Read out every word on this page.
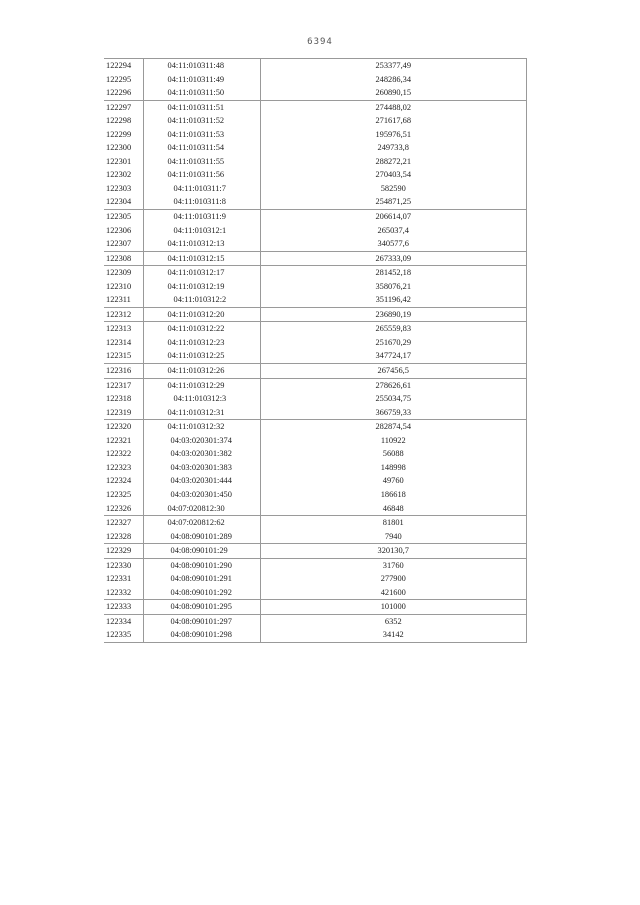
6394
122294	04:11:010311:48	253377,49
122295	04:11:010311:49	248286,34
122296	04:11:010311:50	260890,15
122297	04:11:010311:51	274488,02
122298	04:11:010311:52	271617,68
122299	04:11:010311:53	195976,51
122300	04:11:010311:54	249733,8
122301	04:11:010311:55	288272,21
122302	04:11:010311:56	270403,54
122303	04:11:010311:7	582590
122304	04:11:010311:8	254871,25
122305	04:11:010311:9	206614,07
122306	04:11:010312:1	265037,4
122307	04:11:010312:13	340577,6
122308	04:11:010312:15	267333,09
122309	04:11:010312:17	281452,18
122310	04:11:010312:19	358076,21
122311	04:11:010312:2	351196,42
122312	04:11:010312:20	236890,19
122313	04:11:010312:22	265559,83
122314	04:11:010312:23	251670,29
122315	04:11:010312:25	347724,17
122316	04:11:010312:26	267456,5
122317	04:11:010312:29	278626,61
122318	04:11:010312:3	255034,75
122319	04:11:010312:31	366759,33
122320	04:11:010312:32	282874,54
122321	04:03:020301:374	110922
122322	04:03:020301:382	56088
122323	04:03:020301:383	148998
122324	04:03:020301:444	49760
122325	04:03:020301:450	186618
122326	04:07:020812:30	46848
122327	04:07:020812:62	81801
122328	04:08:090101:289	7940
122329	04:08:090101:29	320130,7
122330	04:08:090101:290	31760
122331	04:08:090101:291	277900
122332	04:08:090101:292	421600
122333	04:08:090101:295	101000
122334	04:08:090101:297	6352
122335	04:08:090101:298	34142
